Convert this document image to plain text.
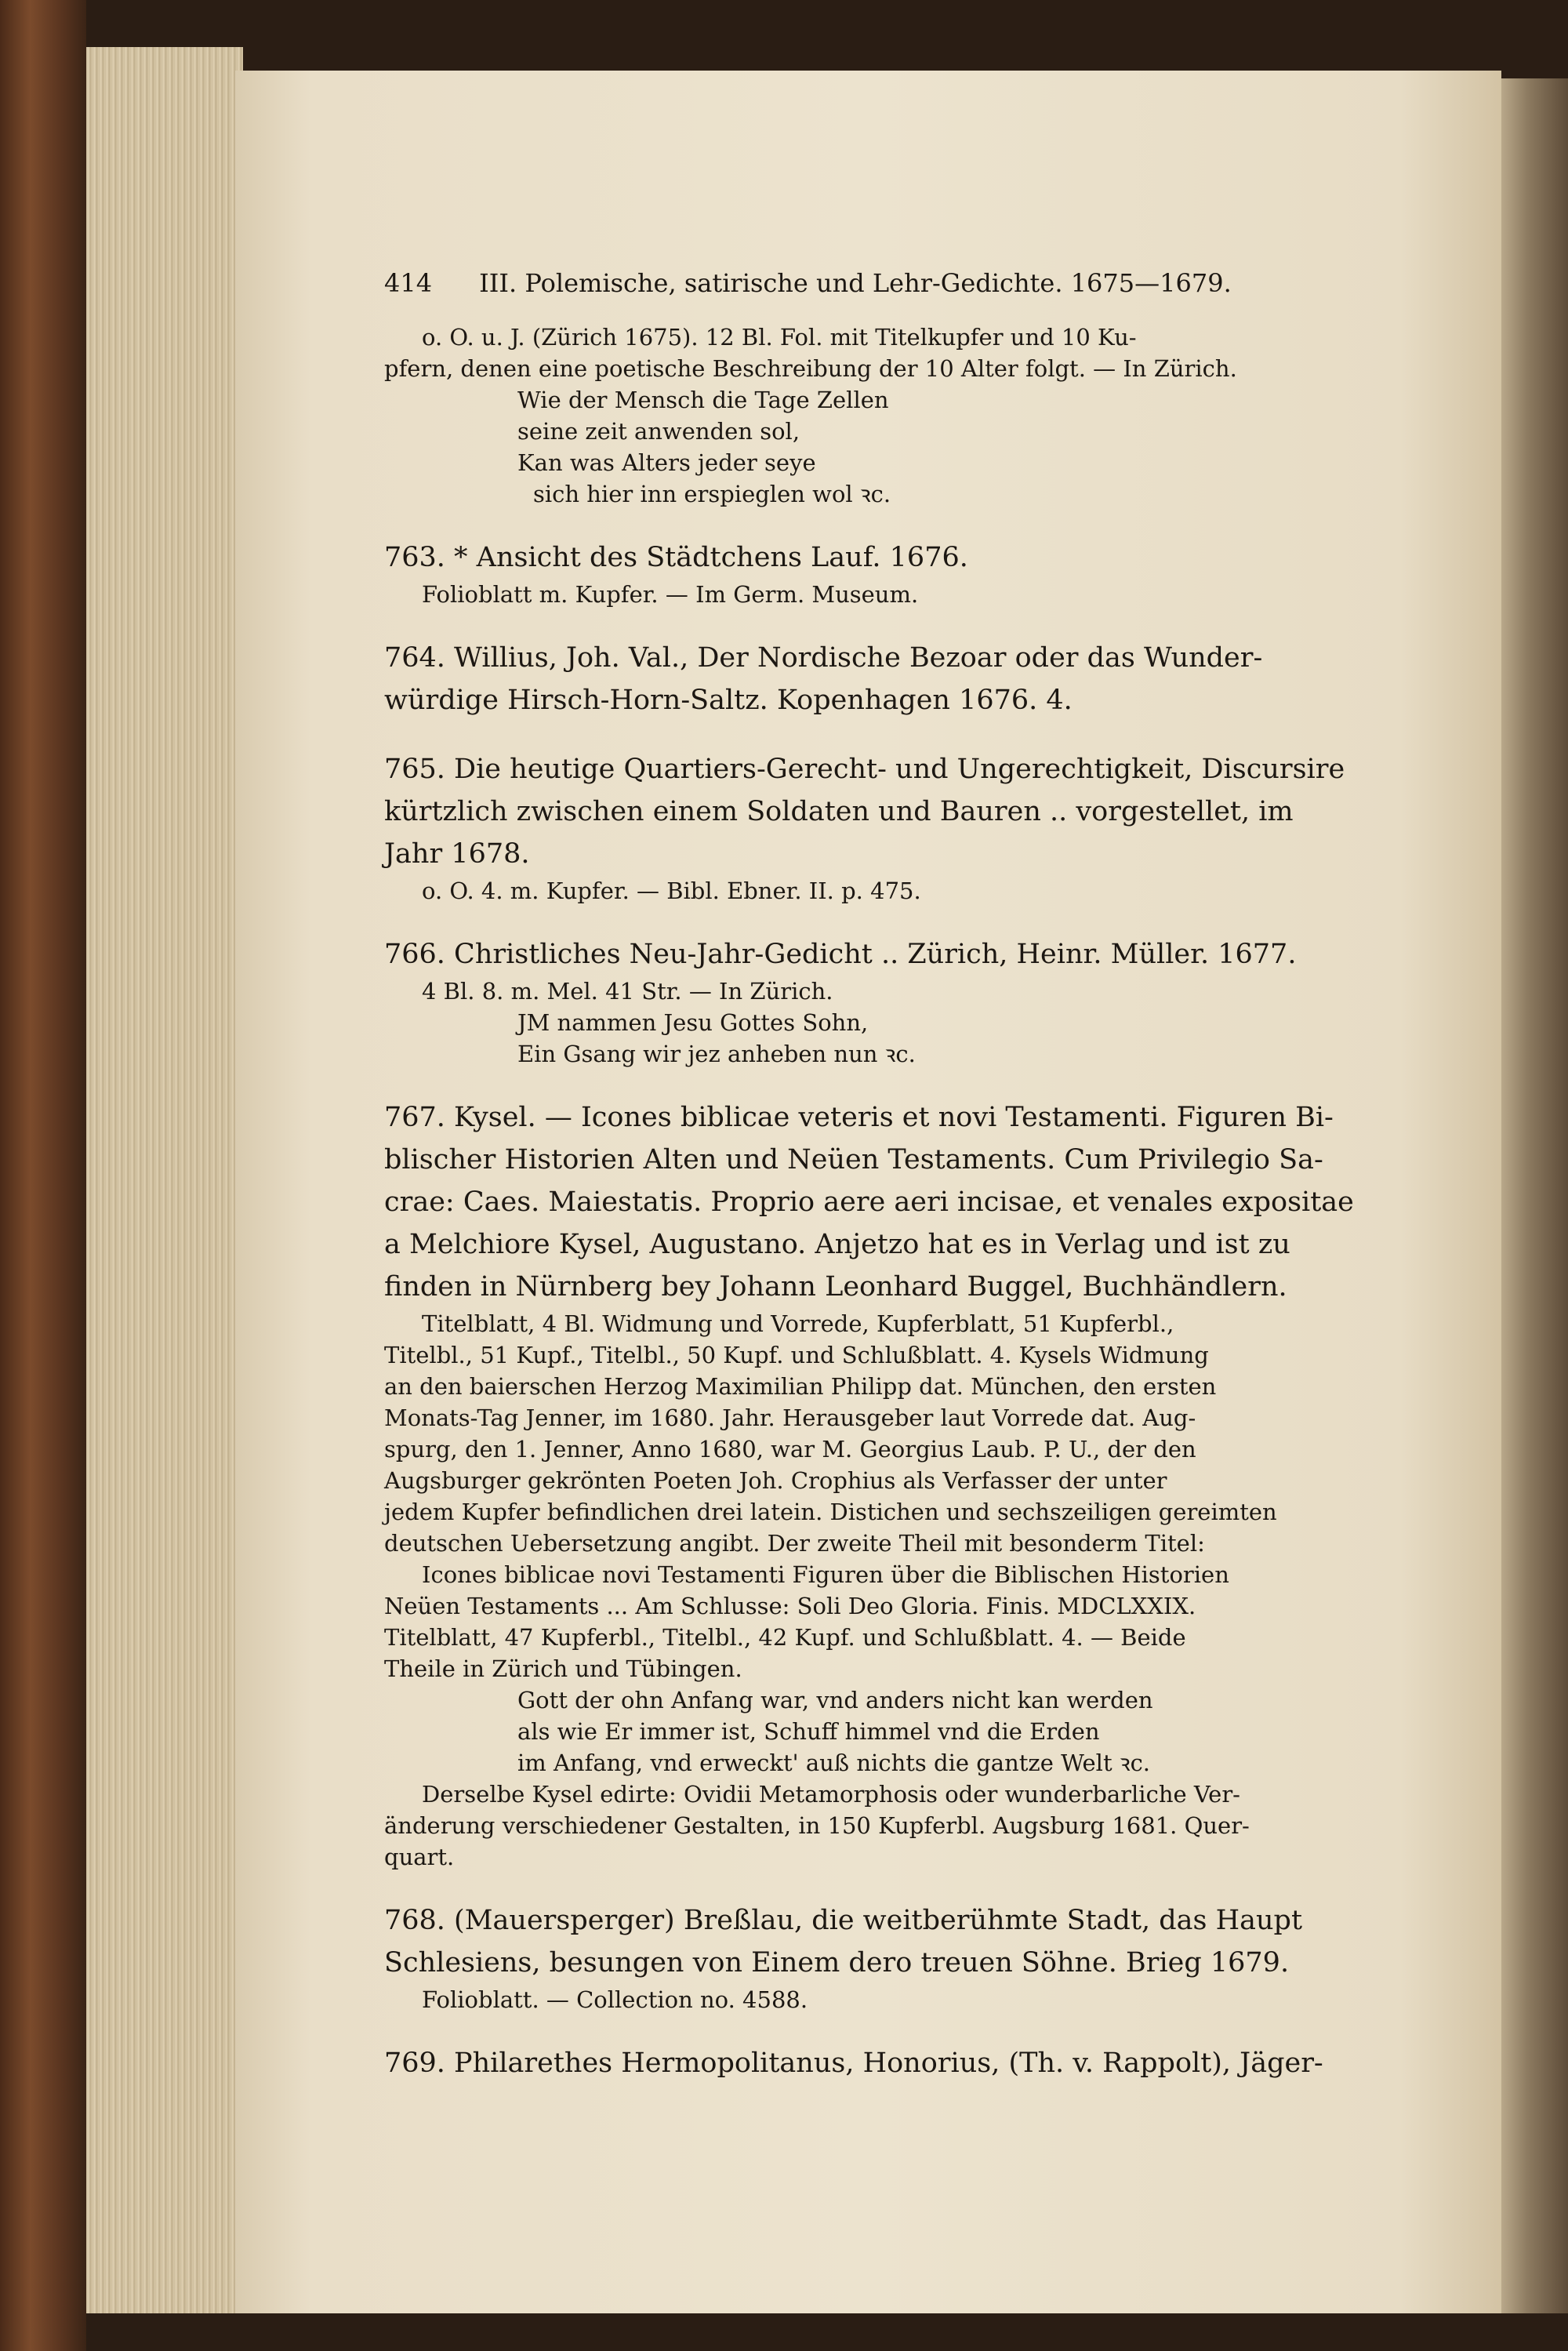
414 III. Polemische, satirische und Lehr-Gedichte. 1675—1679.
o. O. u. J. (Zürich 1675). 12 Bl. Fol. mit Titelkupfer und 10 Ku-
pfern, denen eine poetische Beschreibung der 10 Alter folgt. — In Zürich.
Wie der Mensch die Tage Zellen
seine zeit anwenden sol,
Kan was Alters jeder seye
sich hier inn erspieglen wol ꝛc.
763. * Ansicht des Städtchens Lauf. 1676.
Folioblatt m. Kupfer. — Im Germ. Museum.
764. Willius, Joh. Val., Der Nordische Bezoar oder das Wunder-
würdige Hirsch-Horn-Saltz. Kopenhagen 1676. 4.
765. Die heutige Quartiers-Gerecht- und Ungerechtigkeit, Discursire
kürtzlich zwischen einem Soldaten und Bauren .. vorgestellet, im
Jahr 1678.
o. O. 4. m. Kupfer. — Bibl. Ebner. II. p. 475.
766. Christliches Neu-Jahr-Gedicht .. Zürich, Heinr. Müller. 1677.
4 Bl. 8. m. Mel. 41 Str. — In Zürich.
JM nammen Jesu Gottes Sohn,
Ein Gsang wir jez anheben nun ꝛc.
767. Kysel. — Icones biblicae veteris et novi Testamenti. Figuren Bi-
blischer Historien Alten und Neüen Testaments. Cum Privilegio Sa-
crae: Caes. Maiestatis. Proprio aere aeri incisae, et venales expositae
a Melchiore Kysel, Augustano. Anjetzo hat es in Verlag und ist zu
finden in Nürnberg bey Johann Leonhard Buggel, Buchhändlern.
Titelblatt, 4 Bl. Widmung und Vorrede, Kupferblatt, 51 Kupferbl.,
Titelbl., 51 Kupf., Titelbl., 50 Kupf. und Schlußblatt. 4. Kysels Widmung
an den baierschen Herzog Maximilian Philipp dat. München, den ersten
Monats-Tag Jenner, im 1680. Jahr. Herausgeber laut Vorrede dat. Aug-
spurg, den 1. Jenner, Anno 1680, war M. Georgius Laub. P. U., der den
Augsburger gekrönten Poeten Joh. Crophius als Verfasser der unter
jedem Kupfer befindlichen drei latein. Distichen und sechszeiligen gereimten
deutschen Uebersetzung angibt. Der zweite Theil mit besonderm Titel:
Icones biblicae novi Testamenti Figuren über die Biblischen Historien
Neüen Testaments ... Am Schlusse: Soli Deo Gloria. Finis. MDCLXXIX.
Titelblatt, 47 Kupferbl., Titelbl., 42 Kupf. und Schlußblatt. 4. — Beide
Theile in Zürich und Tübingen.
Gott der ohn Anfang war, vnd anders nicht kan werden
als wie Er immer ist, Schuff himmel vnd die Erden
im Anfang, vnd erweckt' auß nichts die gantze Welt ꝛc.
Derselbe Kysel edirte: Ovidii Metamorphosis oder wunderbarliche Ver-
änderung verschiedener Gestalten, in 150 Kupferbl. Augsburg 1681. Quer-
quart.
768. (Mauersperger) Breßlau, die weitberühmte Stadt, das Haupt
Schlesiens, besungen von Einem dero treuen Söhne. Brieg 1679.
Folioblatt. — Collection no. 4588.
769. Philarethes Hermopolitanus, Honorius, (Th. v. Rappolt), Jäger-
